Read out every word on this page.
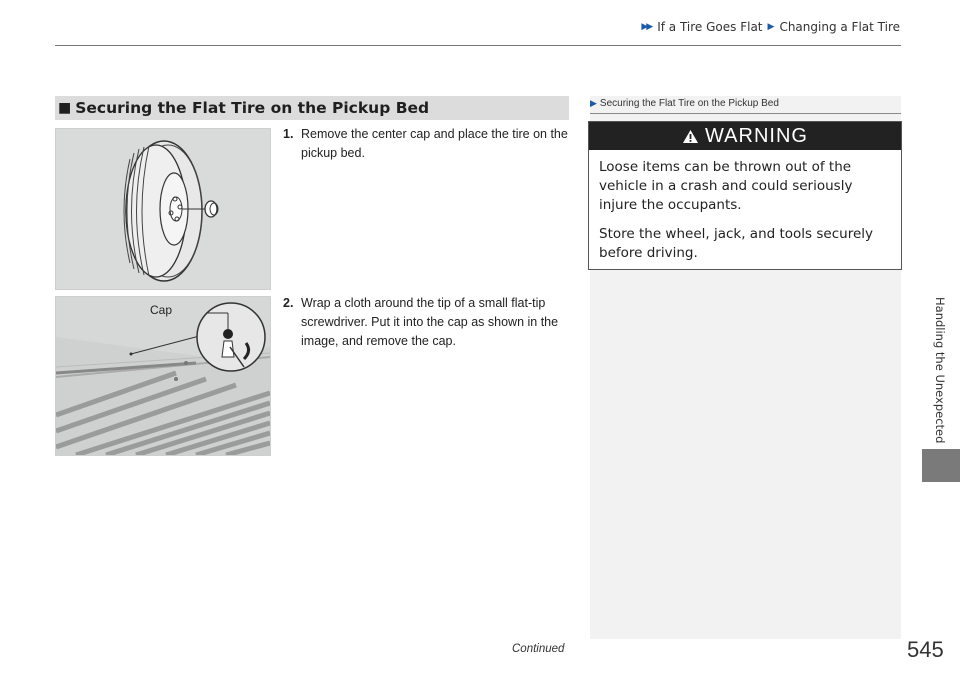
▶▶ If a Tire Goes Flat ▶ Changing a Flat Tire
Handling the Unexpected
■ Securing the Flat Tire on the Pickup Bed
Cap
1. Remove the center cap and place the tire on the pickup bed.
2. Wrap a cloth around the tip of a small flat-tip screwdriver. Put it into the cap as shown in the image, and remove the cap.
▶ Securing the Flat Tire on the Pickup Bed
WARNING

Loose items can be thrown out of the vehicle in a crash and could seriously injure the occupants.

Store the wheel, jack, and tools securely before driving.

Continued	545
